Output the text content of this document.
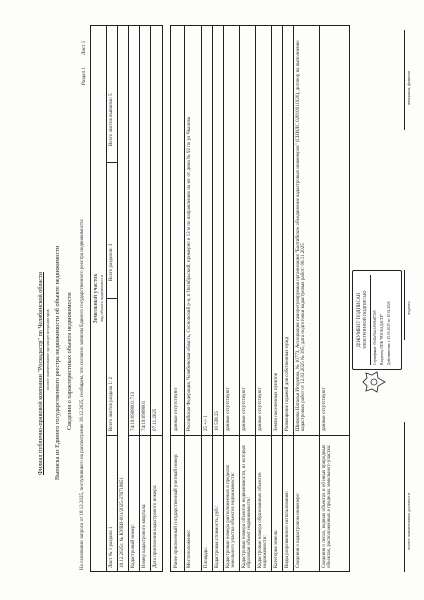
Филиал публично-правовой компании "Роскадастр" по Челябинской области полное наименование органа регистрации прав Выписка из Единого государственного реестра недвижимости об объекте недвижимости Сведения о характеристиках объекта недвижимости На основании запроса от 18.12.2025, поступившего на рассмотрение 18.12.2025, сообщаем, что согласно записям Единого государственного реестра недвижимости:
Раздел 1
Лист 1
Земельный участок вид объекта недвижимости
Лист № 1 раздела 1
Всего листов раздела 1: 2
Всего разделов: 3
Всего листов выписки: 5
18.12.2025г. № КУВИ-001/2025-276718651 Кадастровый номер:
74:19:0908001:713
Номер кадастрового квартала:
74:19:0908001
Дата присвоения кадастрового номера:
07.11.2025
Ранее присвоенный государственный учетный номер:
данные отсутствуют
Местоположение:
Российская Федерация, Челябинская область, Сосновский р-н, п Октябрьский, примерно в 13 м по направлению на юг от дома № 92 по ул Чкалова
Площадь:
25 +/- 1
Кадастровая стоимость, руб.:
10 538.25
Кадастровые номера расположенных в пределах земельного участка объектов недвижимости:
данные отсутствуют
Кадастровые номера объектов недвижимости, из которых образован объект недвижимости:
данные отсутствуют
Кадастровые номера образованных объектов недвижимости:
данные отсутствуют
Категория земель:
Земли населенных пунктов
Виды разрешенного использования:
Размещение гаражей для собственных нужд
Сведения о кадастровом инженере:
Шипкова Наталья Игоревна, № 10773, Ассоциация саморегулируемая организация "Балтийское объединение кадастровых инженеров" (СНИЛС 02810911920), договор на выполнение кадастровых работ от 12.02.2025 № 395, дата подготовки кадастровых работ: 06.11.2025
Сведения о лесах, водных объектах и об иных природных объектах, расположенных в пределах земельного участка:
данные отсутствуют
ДОКУМЕНТ ПОДПИСАН ЭЛЕКТРОННОЙ ПОДПИСЬЮ Сертификат: 00d2a5b4c1f0e9a87365 Владелец: ППК "РОСКАДАСТР" Действителен: с 15.01.2025 по 10.04.2026
полное наименование должности
подпись
инициалы, фамилия
